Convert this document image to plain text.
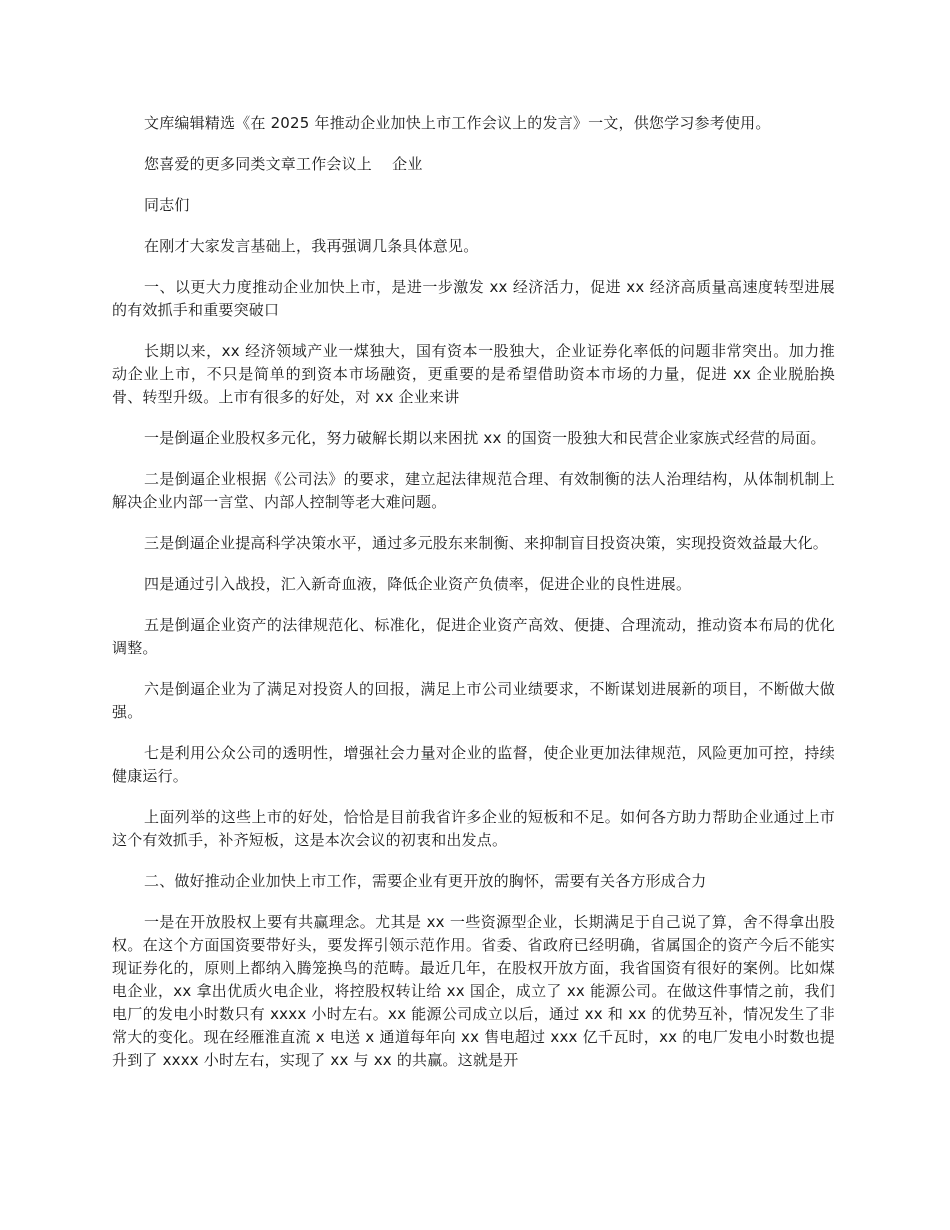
文库编辑精选《在 2025 年推动企业加快上市工作会议上的发言》一文，供您学习参考使用。

您喜爱的更多同类文章工作会议上　 企业

同志们

在刚才大家发言基础上，我再强调几条具体意见。

一、以更大力度推动企业加快上市，是进一步激发 xx 经济活力，促进 xx 经济高质量高速度转型进展的有效抓手和重要突破口

长期以来，xx 经济领域产业一煤独大，国有资本一股独大，企业证券化率低的问题非常突出。加力推动企业上市，不只是简单的到资本市场融资，更重要的是希望借助资本市场的力量，促进 xx 企业脱胎换骨、转型升级。上市有很多的好处，对 xx 企业来讲

一是倒逼企业股权多元化，努力破解长期以来困扰 xx 的国资一股独大和民营企业家族式经营的局面。

二是倒逼企业根据《公司法》的要求，建立起法律规范合理、有效制衡的法人治理结构，从体制机制上解决企业内部一言堂、内部人控制等老大难问题。

三是倒逼企业提高科学决策水平，通过多元股东来制衡、来抑制盲目投资决策，实现投资效益最大化。

四是通过引入战投，汇入新奇血液，降低企业资产负债率，促进企业的良性进展。

五是倒逼企业资产的法律规范化、标准化，促进企业资产高效、便捷、合理流动，推动资本布局的优化调整。

六是倒逼企业为了满足对投资人的回报，满足上市公司业绩要求，不断谋划进展新的项目，不断做大做强。

七是利用公众公司的透明性，增强社会力量对企业的监督，使企业更加法律规范，风险更加可控，持续健康运行。

上面列举的这些上市的好处，恰恰是目前我省许多企业的短板和不足。如何各方助力帮助企业通过上市这个有效抓手，补齐短板，这是本次会议的初衷和出发点。

二、做好推动企业加快上市工作，需要企业有更开放的胸怀，需要有关各方形成合力

一是在开放股权上要有共赢理念。尤其是 xx 一些资源型企业，长期满足于自己说了算，舍不得拿出股权。在这个方面国资要带好头，要发挥引领示范作用。省委、省政府已经明确，省属国企的资产今后不能实现证券化的，原则上都纳入腾笼换鸟的范畴。最近几年，在股权开放方面，我省国资有很好的案例。比如煤电企业，xx 拿出优质火电企业，将控股权转让给 xx 国企，成立了 xx 能源公司。在做这件事情之前，我们电厂的发电小时数只有 xxxx 小时左右。xx 能源公司成立以后，通过 xx 和 xx 的优势互补，情况发生了非常大的变化。现在经雁淮直流 x 电送 x 通道每年向 xx 售电超过 xxx 亿千瓦时，xx 的电厂发电小时数也提升到了 xxxx 小时左右，实现了 xx 与 xx 的共赢。这就是开
